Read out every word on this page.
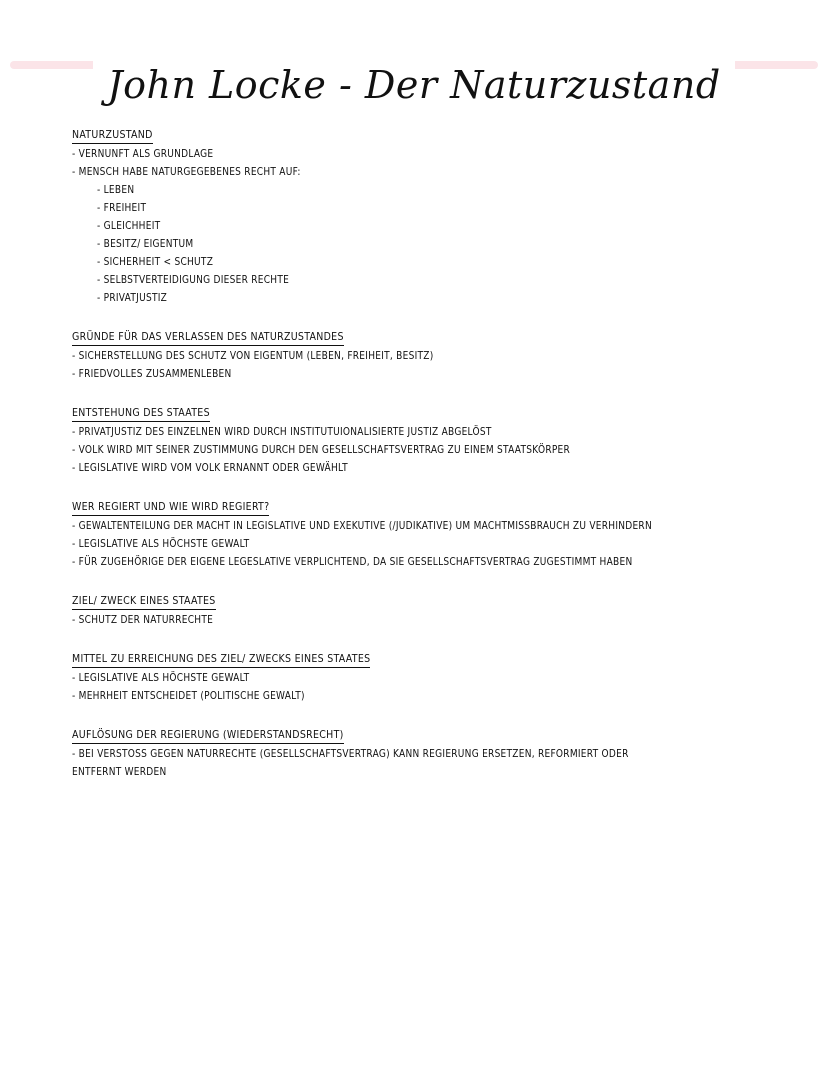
John Locke - Der Naturzustand
NATURZUSTAND
- VERNUNFT ALS GRUNDLAGE
- MENSCH HABE NATURGEGEBENES RECHT AUF:
- LEBEN
- FREIHEIT
- GLEICHHEIT
- BESITZ/ EIGENTUM
- SICHERHEIT < SCHUTZ
- SELBSTVERTEIDIGUNG DIESER RECHTE
- PRIVATJUSTIZ
GRÜNDE FÜR DAS VERLASSEN DES NATURZUSTANDES
- SICHERSTELLUNG DES SCHUTZ VON EIGENTUM (LEBEN, FREIHEIT, BESITZ)
- FRIEDVOLLES ZUSAMMENLEBEN
ENTSTEHUNG DES STAATES
- PRIVATJUSTIZ DES EINZELNEN WIRD DURCH INSTITUTUIONALISIERTE JUSTIZ ABGELÖST
- VOLK WIRD MIT SEINER ZUSTIMMUNG DURCH DEN GESELLSCHAFTSVERTRAG ZU EINEM STAATSKÖRPER
- LEGISLATIVE WIRD VOM VOLK ERNANNT ODER GEWÄHLT
WER REGIERT UND WIE WIRD REGIERT?
- GEWALTENTEILUNG DER MACHT IN LEGISLATIVE UND EXEKUTIVE (/JUDIKATIVE) UM MACHTMISSBRAUCH ZU VERHINDERN
- LEGISLATIVE ALS HÖCHSTE GEWALT
- FÜR ZUGEHÖRIGE DER EIGENE LEGESLATIVE VERPLICHTEND, DA SIE GESELLSCHAFTSVERTRAG ZUGESTIMMT HABEN
ZIEL/ ZWECK EINES STAATES
- SCHUTZ DER NATURRECHTE
MITTEL ZU ERREICHUNG DES ZIEL/ ZWECKS EINES STAATES
- LEGISLATIVE ALS HÖCHSTE GEWALT
- MEHRHEIT ENTSCHEIDET (POLITISCHE GEWALT)
AUFLÖSUNG DER REGIERUNG (WIEDERSTANDSRECHT)
- BEI VERSTOSS GEGEN NATURRECHTE (GESELLSCHAFTSVERTRAG) KANN REGIERUNG ERSETZEN, REFORMIERT ODER
ENTFERNT WERDEN
